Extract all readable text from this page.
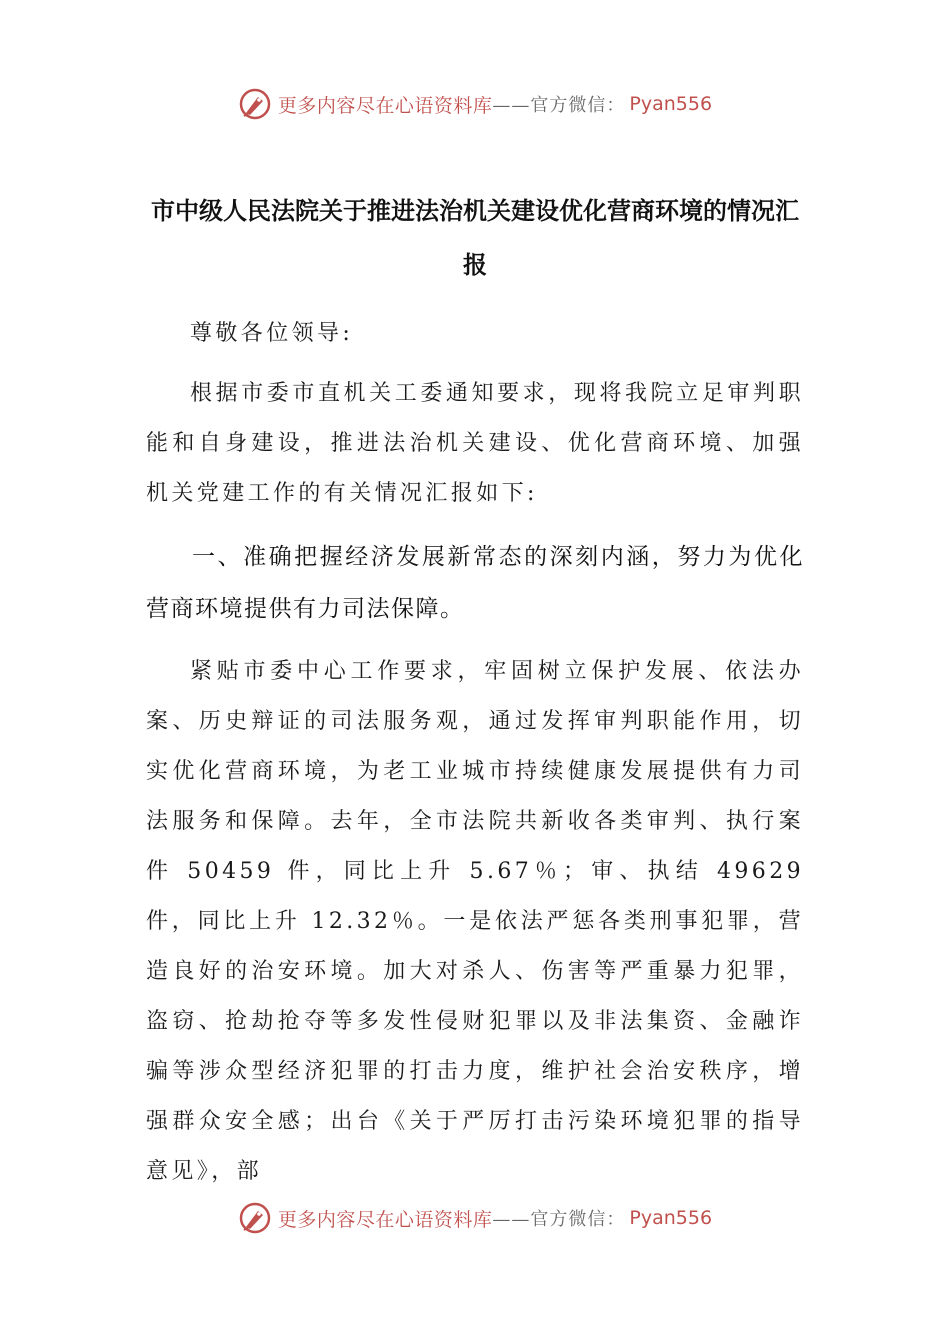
更多内容尽在心语资料库 ——官方微信： Pyan556
市中级人民法院关于推进法治机关建设优化营商环境的情况汇报

尊敬各位领导:

根据市委市直机关工委通知要求，现将我院立足审判职能和自身建设，推进法治机关建设、优化营商环境、加强机关党建工作的有关情况汇报如下:

一、准确把握经济发展新常态的深刻内涵，努力为优化营商环境提供有力司法保障。

紧贴市委中心工作要求，牢固树立保护发展、依法办案、历史辩证的司法服务观，通过发挥审判职能作用，切实优化营商环境，为老工业城市持续健康发展提供有力司法服务和保障。去年，全市法院共新收各类审判、执行案件 50459 件，同比上升 5.67％；审、执结 49629 件，同比上升 12.32％。一是依法严惩各类刑事犯罪，营造良好的治安环境。加大对杀人、伤害等严重暴力犯罪，盗窃、抢劫抢夺等多发性侵财犯罪以及非法集资、金融诈骗等涉众型经济犯罪的打击力度，维护社会治安秩序，增强群众安全感；出台《关于严厉打击污染环境犯罪的指导意见》，部

更多内容尽在心语资料库 ——官方微信： Pyan556
